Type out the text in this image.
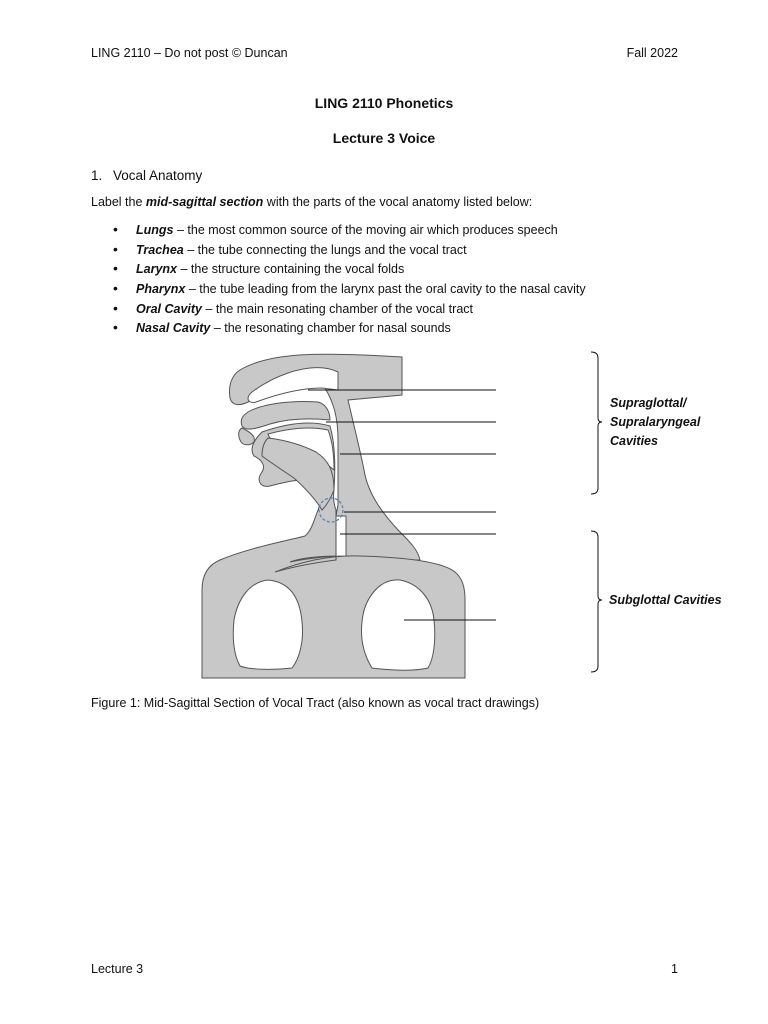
LING 2110 – Do not post © Duncan	Fall 2022
LING 2110 Phonetics
Lecture 3 Voice
1. Vocal Anatomy
Label the mid-sagittal section with the parts of the vocal anatomy listed below:
• Lungs – the most common source of the moving air which produces speech
• Trachea – the tube connecting the lungs and the vocal tract
• Larynx – the structure containing the vocal folds
• Pharynx – the tube leading from the larynx past the oral cavity to the nasal cavity
• Oral Cavity – the main resonating chamber of the vocal tract
• Nasal Cavity – the resonating chamber for nasal sounds
Supraglottal/
Supralaryngeal
Cavities
Subglottal Cavities
Figure 1: Mid-Sagittal Section of Vocal Tract (also known as vocal tract drawings)
Lecture 3	1
